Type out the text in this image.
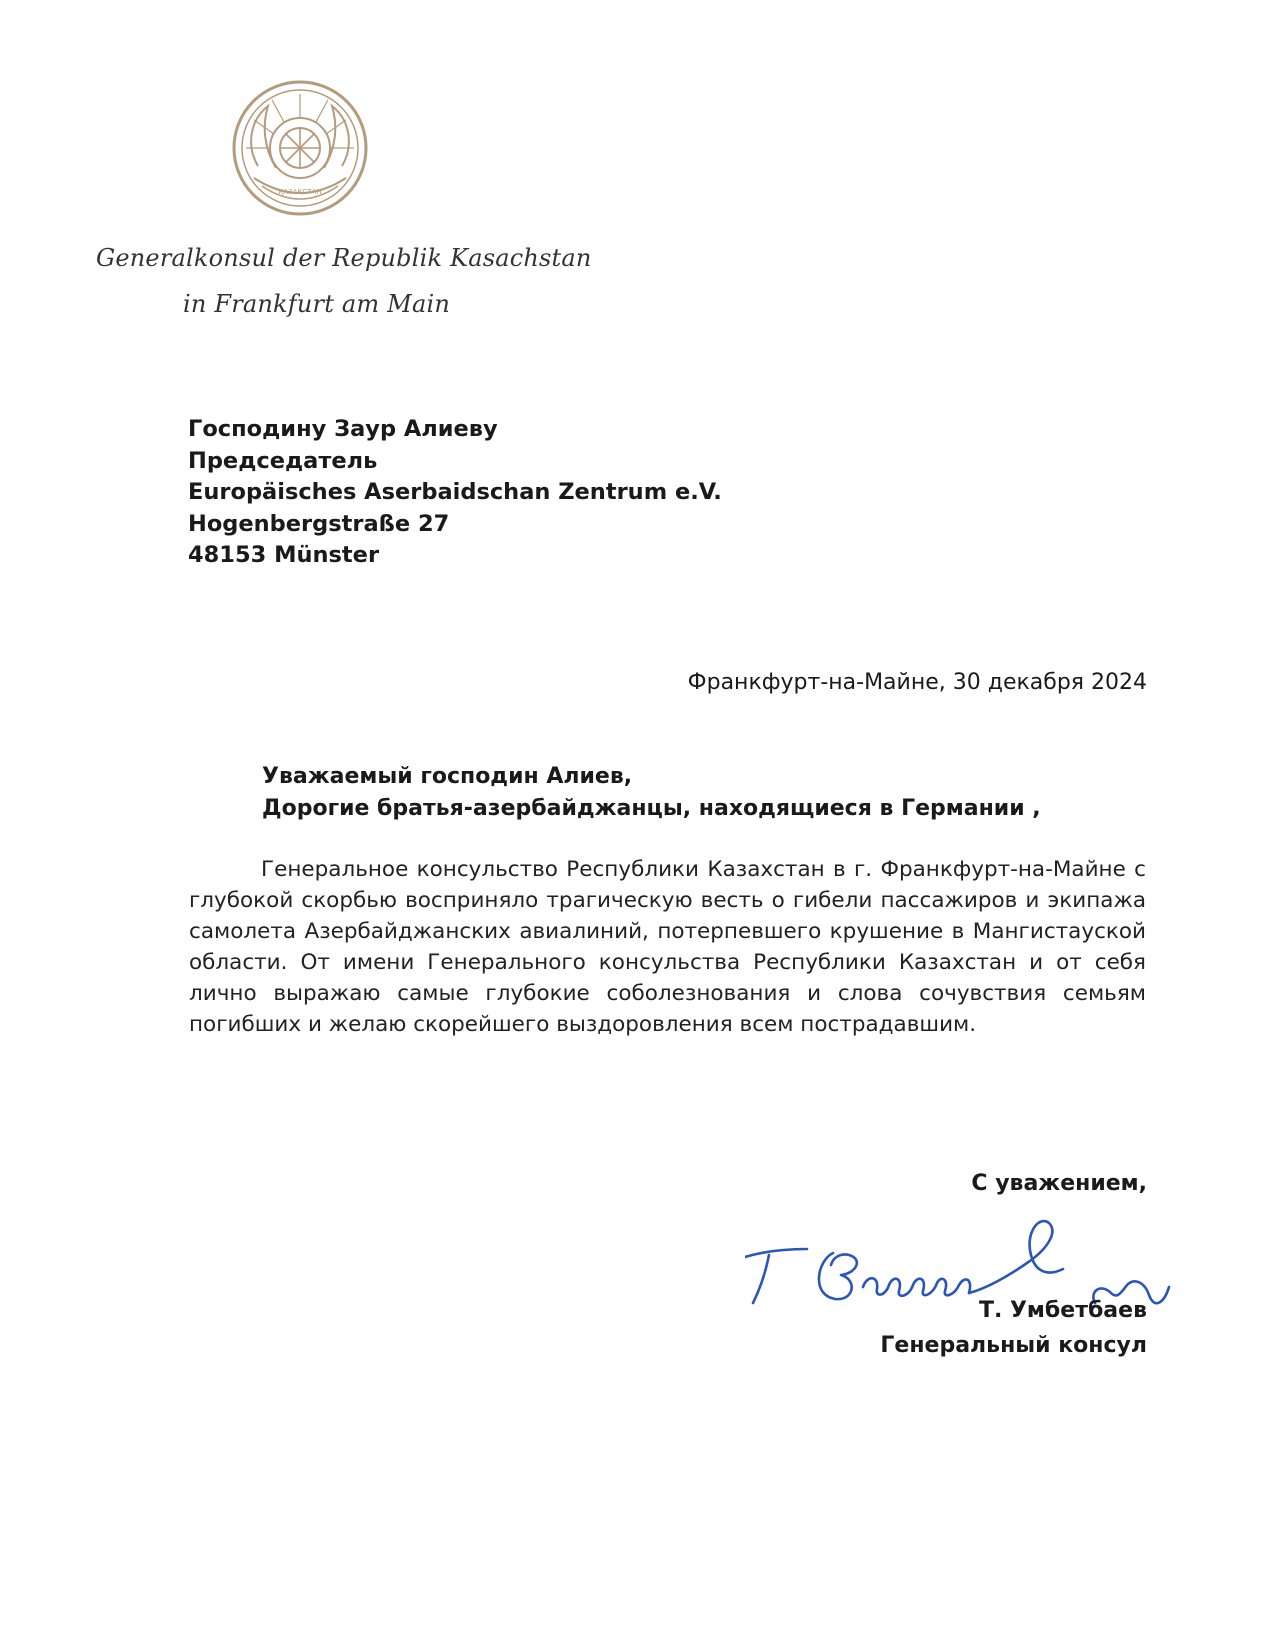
ҚАЗАҚСТАН
Generalkonsul der Republik Kasachstan
in Frankfurt am Main
Господину Заур Алиеву
Председатель
Europäisches Aserbaidschan Zentrum e.V.
Hogenbergstraße 27
48153 Münster
Франкфурт-на-Майне, 30 декабря 2024
Уважаемый господин Алиев,
Дорогие братья-азербайджанцы, находящиеся в Германии ,
Генеральное консульство Республики Казахстан в г. Франкфурт-на-Майне с глубокой скорбью восприняло трагическую весть о гибели пассажиров и экипажа самолета Азербайджанских авиалиний, потерпевшего крушение в Мангистауской области. От имени Генерального консульства Республики Казахстан и от себя лично выражаю самые глубокие соболезнования и слова сочувствия семьям погибших и желаю скорейшего выздоровления всем пострадавшим.
С уважением,
Т. Умбетбаев
Генеральный консул
